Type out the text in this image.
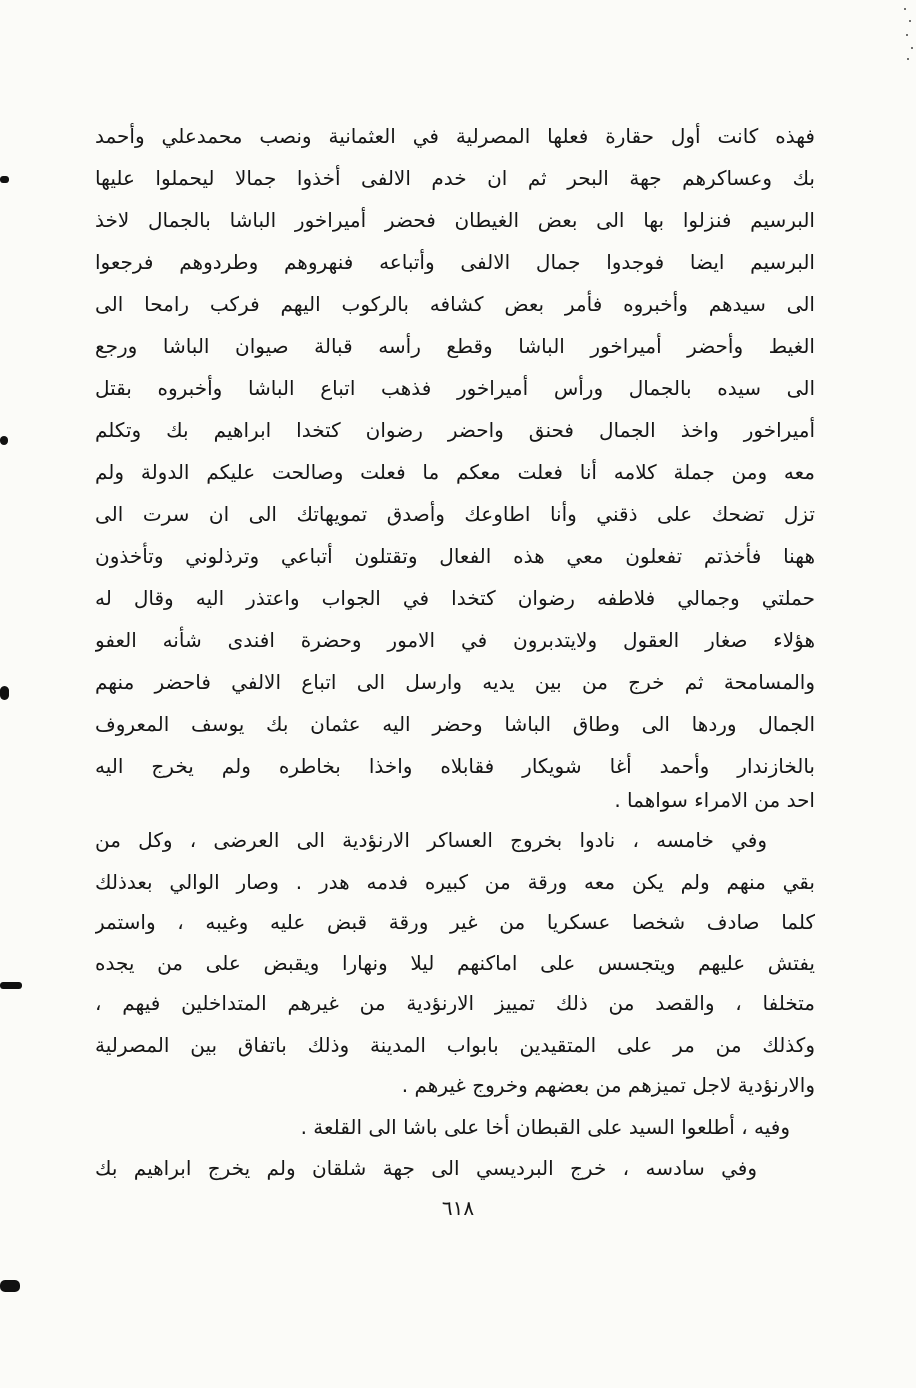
فهذه كانت أول حقارة فعلها المصرلية في العثمانية ونصب محمدعلي وأحمد
بك وعساكرهم جهة البحر ثم ان خدم الالفى أخذوا جمالا ليحملوا عليها
البرسيم فنزلوا بها الى بعض الغيطان فحضر أميراخور الباشا بالجمال لاخذ
البرسيم ايضا فوجدوا جمال الالفى وأتباعه فنهروهم وطردوهم فرجعوا
الى سيدهم وأخبروه فأمر بعض كشافه بالركوب اليهم فركب رامحا الى
الغيط وأحضر أميراخور الباشا وقطع رأسه قبالة صيوان الباشا ورجع
الى سيده بالجمال ورأس أميراخور فذهب اتباع الباشا وأخبروه بقتل
أميراخور واخذ الجمال فحنق واحضر رضوان كتخدا ابراهيم بك وتكلم
معه ومن جملة كلامه أنا فعلت معكم ما فعلت وصالحت عليكم الدولة ولم
تزل تضحك على ذقني وأنا اطاوعك وأصدق تمويهاتك الى ان سرت الى
ههنا فأخذتم تفعلون معي هذه الفعال وتقتلون أتباعي وترذلوني وتأخذون
حملتي وجمالي فلاطفه رضوان كتخدا في الجواب واعتذر اليه وقال له
هؤلاء صغار العقول ولايتدبرون في الامور وحضرة افندى شأنه العفو
والمسامحة ثم خرج من بين يديه وارسل الى اتباع الالفي فاحضر منهم
الجمال وردها الى وطاق الباشا وحضر اليه عثمان بك يوسف المعروف
بالخازندار وأحمد أغا شويكار فقابلاه واخذا بخاطره ولم يخرج اليه
احد من الامراء سواهما .
وفي خامسه ، نادوا بخروج العساكر الارنؤدية الى العرضى ، وكل من
بقي منهم ولم يكن معه ورقة من كبيره فدمه هدر . وصار الوالي بعدذلك
كلما صادف شخصا عسكريا من غير ورقة قبض عليه وغيبه ، واستمر
يفتش عليهم ويتجسس على اماكنهم ليلا ونهارا ويقبض على من يجده
متخلفا ، والقصد من ذلك تمييز الارنؤدية من غيرهم المتداخلين فيهم ،
وكذلك من مر على المتقيدين بابواب المدينة وذلك باتفاق بين المصرلية
والارنؤدية لاجل تميزهم من بعضهم وخروج غيرهم .
وفيه ، أطلعوا السيد على القبطان أخا على باشا الى القلعة .
وفي سادسه ، خرج البرديسي الى جهة شلقان ولم يخرج ابراهيم بك
٦١٨
